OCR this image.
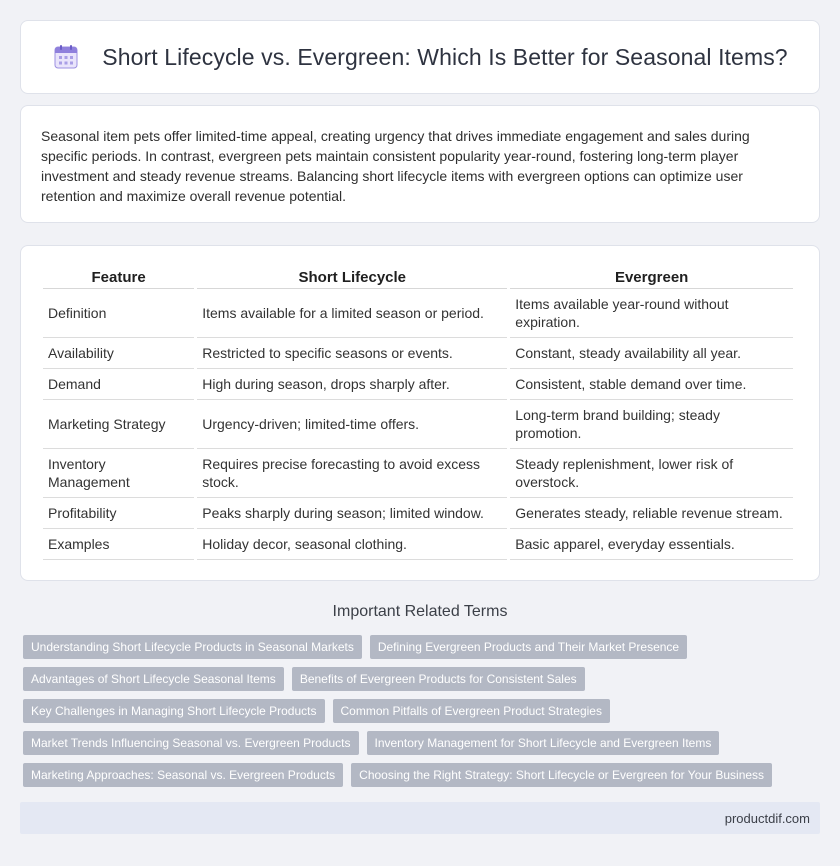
Short Lifecycle vs. Evergreen: Which Is Better for Seasonal Items?

Seasonal item pets offer limited-time appeal, creating urgency that drives immediate engagement and sales during specific periods. In contrast, evergreen pets maintain consistent popularity year-round, fostering long-term player investment and steady revenue streams. Balancing short lifecycle items with evergreen options can optimize user retention and maximize overall revenue potential.

Feature	Short Lifecycle	Evergreen
Definition	Items available for a limited season or period.	Items available year-round without expiration.
Availability	Restricted to specific seasons or events.	Constant, steady availability all year.
Demand	High during season, drops sharply after.	Consistent, stable demand over time.
Marketing Strategy	Urgency-driven; limited-time offers.	Long-term brand building; steady promotion.
Inventory Management	Requires precise forecasting to avoid excess stock.	Steady replenishment, lower risk of overstock.
Profitability	Peaks sharply during season; limited window.	Generates steady, reliable revenue stream.
Examples	Holiday decor, seasonal clothing.	Basic apparel, everyday essentials.
Important Related Terms
Understanding Short Lifecycle Products in Seasonal Markets	Defining Evergreen Products and Their Market Presence
Advantages of Short Lifecycle Seasonal Items	Benefits of Evergreen Products for Consistent Sales
Key Challenges in Managing Short Lifecycle Products	Common Pitfalls of Evergreen Product Strategies
Market Trends Influencing Seasonal vs. Evergreen Products	Inventory Management for Short Lifecycle and Evergreen Items
Marketing Approaches: Seasonal vs. Evergreen Products	Choosing the Right Strategy: Short Lifecycle or Evergreen for Your Business
productdif.com
